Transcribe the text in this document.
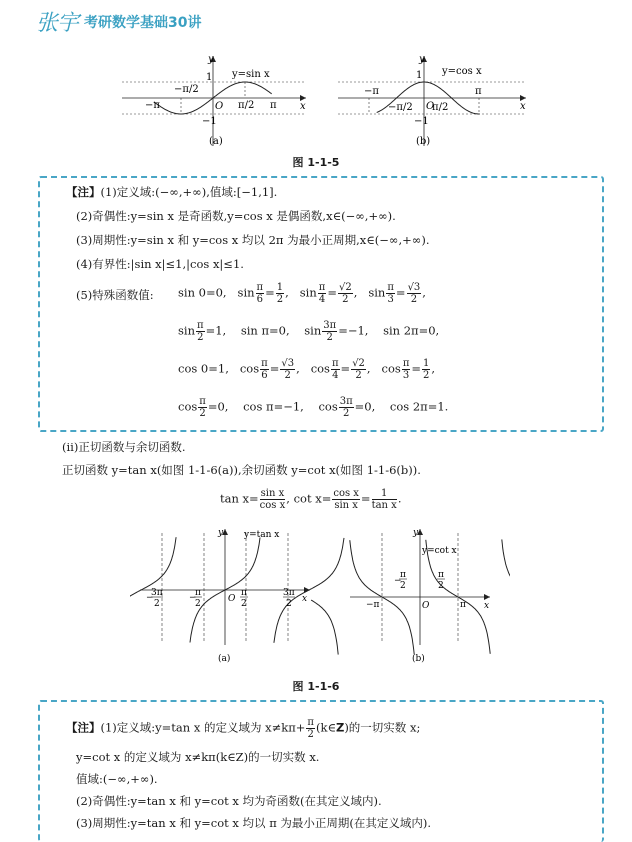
张宇 考研数学基础30讲
y
x
O
1
−1
y=sin x
−π
−π/2
π/2 π
(a)
y
x
O
1
−1
y=cos x
−π
−π/2 π/2
π
(b)
图 1-1-5
【注】(1)定义域:(−∞,+∞),值域:[−1,1].
(2)奇偶性:y=sin x 是奇函数,y=cos x 是偶函数,x∈(−∞,+∞).
(3)周期性:y=sin x 和 y=cos x 均以 2π 为最小正周期,x∈(−∞,+∞).
(4)有界性:|sin x|≤1,|cos x|≤1.
(5)特殊函数值: sin 0=0, $\sin \frac{\pi}{6} = \frac{1}{2}$ , $\sin \frac{\pi}{4} = \frac{√2}{2}$ , $\sin \frac{\pi}{3} = \frac{√3}{2}$ ,
$\sin \frac{\pi}{2} =1$, sin π=0, $\sin \frac{3\pi}{2} =-1$, sin 2π=0,
cos 0=1, $\cos \frac{\pi}{6} = \frac{√3}{2}$ , $\cos \frac{\pi}{4} = \frac{√2}{2}$ , $\cos \frac{\pi}{3} = \frac{1}{2}$ ,
$\cos \frac{\pi}{2} =0$, cos π=−1, $\cos \frac{3\pi}{2} =0$, cos 2π=1.
(ⅱ)正切函数与余切函数.
正切函数 y=tan x(如图 1-1-6(a)),余切函数 y=cot x(如图 1-1-6(b)).
$\tan x= \frac{\text{sin x}}{\text{cos x}}$ , $\cot x= \frac{\text{cos x}}{\text{sin x}} = \frac{1}{\text{tan x}}$ .
y
x
O
y=tan x
−
3π
2
−
π
2
π
2
3π
2
(a)
y
x
O
y=cot x
−π
−
π
2
π
2
π
(b)
图 1-1-6
【注】(1)定义域:y=tan x 的定义域为 $x\ne k\pi+ \frac{\pi}{2}$ (k∈Z)的一切实数 x;
y=cot x 的定义域为 x≠kπ(k∈Z)的一切实数 x.
值域:(−∞,+∞).
(2)奇偶性:y=tan x 和 y=cot x 均为奇函数(在其定义域内).
(3)周期性:y=tan x 和 y=cot x 均以 π 为最小正周期(在其定义域内).
